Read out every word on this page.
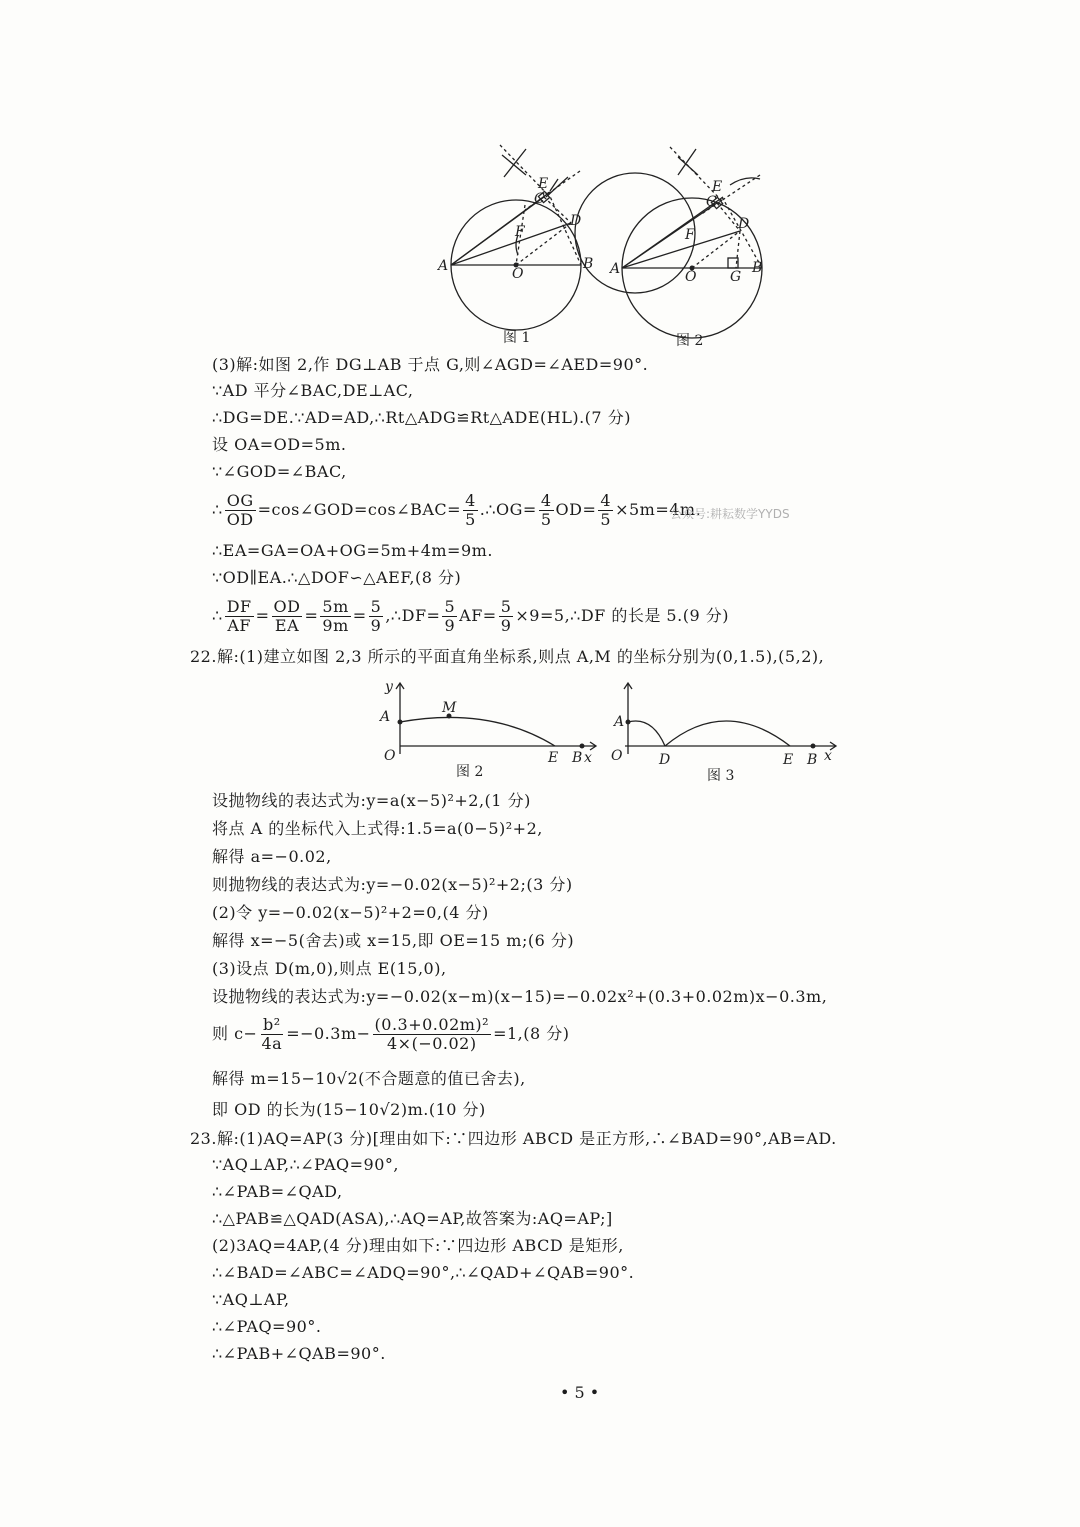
A	O
B
C
D
E
F
A	O G
B
C
D
E
F
图 1	图 2
(3)解:如图 2,作 DG⊥AB 于点 G,则∠AGD=∠AED=90°.
∵AD 平分∠BAC,DE⊥AC,
∴DG=DE.∵AD=AD,∴Rt△ADG≌Rt△ADE(HL).(7 分)
设 OA=OD=5m.
∵∠GOD=∠BAC,
∴ $\frac{OG}{OD}$ =cos∠GOD=cos∠BAC= $\frac{4}{5}$ .∴OG= $\frac{4}{5} OD= \frac{4}{5} \times 5m=4m$.
公众号:耕耘数学YYDS
∴EA=GA=OA+OG=5m+4m=9m.
∵OD∥EA.∴△DOF∽△AEF,(8 分)
∴ $\frac{DF}{AF} = \frac{OD}{EA} = \frac{5m}{9m} = \frac{5}{9}$ ,∴DF= $\frac{5}{9} AF= \frac{5}{9}$ ×9=5,∴DF 的长是 5.(9 分)
22.解:(1)建立如图 2,3 所示的平面直角坐标系,则点 A,M 的坐标分别为(0,1.5),(5,2),
y
A
M
O	E B x
A
O	D	E B x
图 2	图 3
设抛物线的表达式为:y=a(x−5)²+2,(1 分)
将点 A 的坐标代入上式得:1.5=a(0−5)²+2,
解得 a=−0.02,
则抛物线的表达式为:y=−0.02(x−5)²+2;(3 分)
(2)令 y=−0.02(x−5)²+2=0,(4 分)
解得 x=−5(舍去)或 x=15,即 OE=15 m;(6 分)
(3)设点 D(m,0),则点 E(15,0),
设抛物线的表达式为:y=−0.02(x−m)(x−15)=−0.02x²+(0.3+0.02m)x−0.3m,
则 $c- \frac{\text{b²}}{4a} =-0.3m- \frac{\text{(0.3+0.02m)²}}{4\times(-0.02)} =1,(8$ 分)
解得 m=15−10√2(不合题意的值已舍去),
即 OD 的长为(15−10√2)m.(10 分)
23.解:(1)AQ=AP(3 分)[理由如下:∵四边形 ABCD 是正方形,∴∠BAD=90°,AB=AD.
∵AQ⊥AP,∴∠PAQ=90°,
∴∠PAB=∠QAD,
∴△PAB≌△QAD(ASA),∴AQ=AP,故答案为:AQ=AP;]
(2)3AQ=4AP,(4 分)理由如下:∵四边形 ABCD 是矩形,
∴∠BAD=∠ABC=∠ADQ=90°,∴∠QAD+∠QAB=90°.
∵AQ⊥AP,
∴∠PAQ=90°.
∴∠PAB+∠QAB=90°.
• 5 •
